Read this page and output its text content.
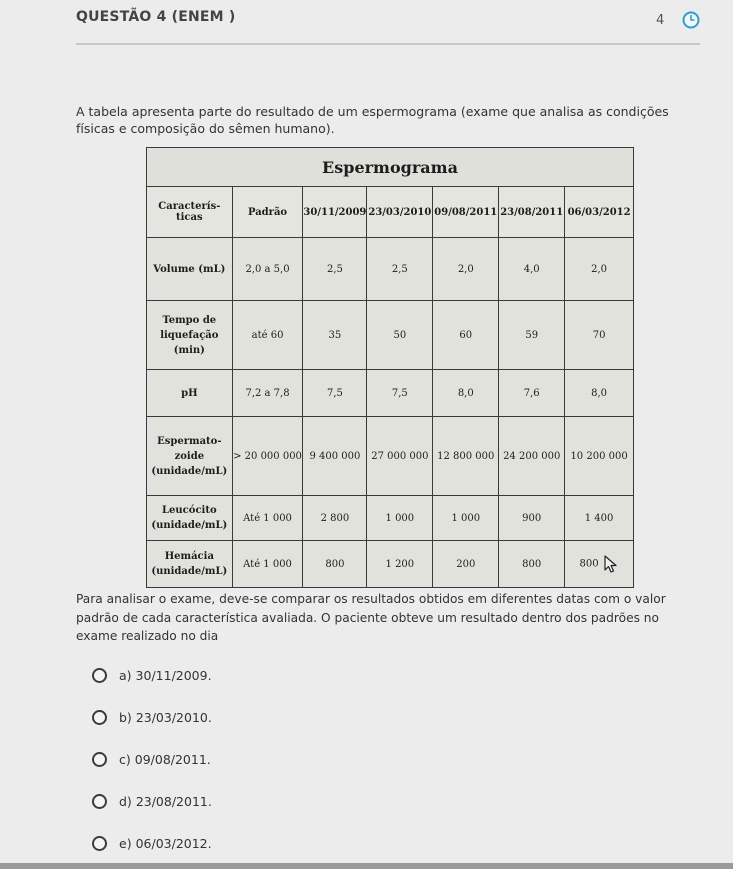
QUESTÃO 4 (ENEM )	4
A tabela apresenta parte do resultado de um espermograma (exame que analisa as condições físicas e composição do sêmen humano).
Espermograma						
Caracterís-ticas	Padrão	30/11/2009	23/03/2010	09/08/2011	23/08/2011	06/03/2012
Volume (mL)	2,0 a 5,0	2,5	2,5	2,0	4,0	2,0
Tempo de liquefação (min)	até 60	35	50	60	59	70
pH	7,2 a 7,8	7,5	7,5	8,0	7,6	8,0
Espermato-zoide (unidade/mL)	> 20 000 000	9 400 000	27 000 000	12 800 000	24 200 000	10 200 000
Leucócito (unidade/mL)	Até 1 000	2 800	1 000	1 000	900	1 400
Hemácia (unidade/mL)	Até 1 000	800	1 200	200	800	800
Para analisar o exame, deve-se comparar os resultados obtidos em diferentes datas com o valor padrão de cada característica avaliada. O paciente obteve um resultado dentro dos padrões no exame realizado no dia
a) 30/11/2009.
b) 23/03/2010.
c) 09/08/2011.
d) 23/08/2011.
e) 06/03/2012.
